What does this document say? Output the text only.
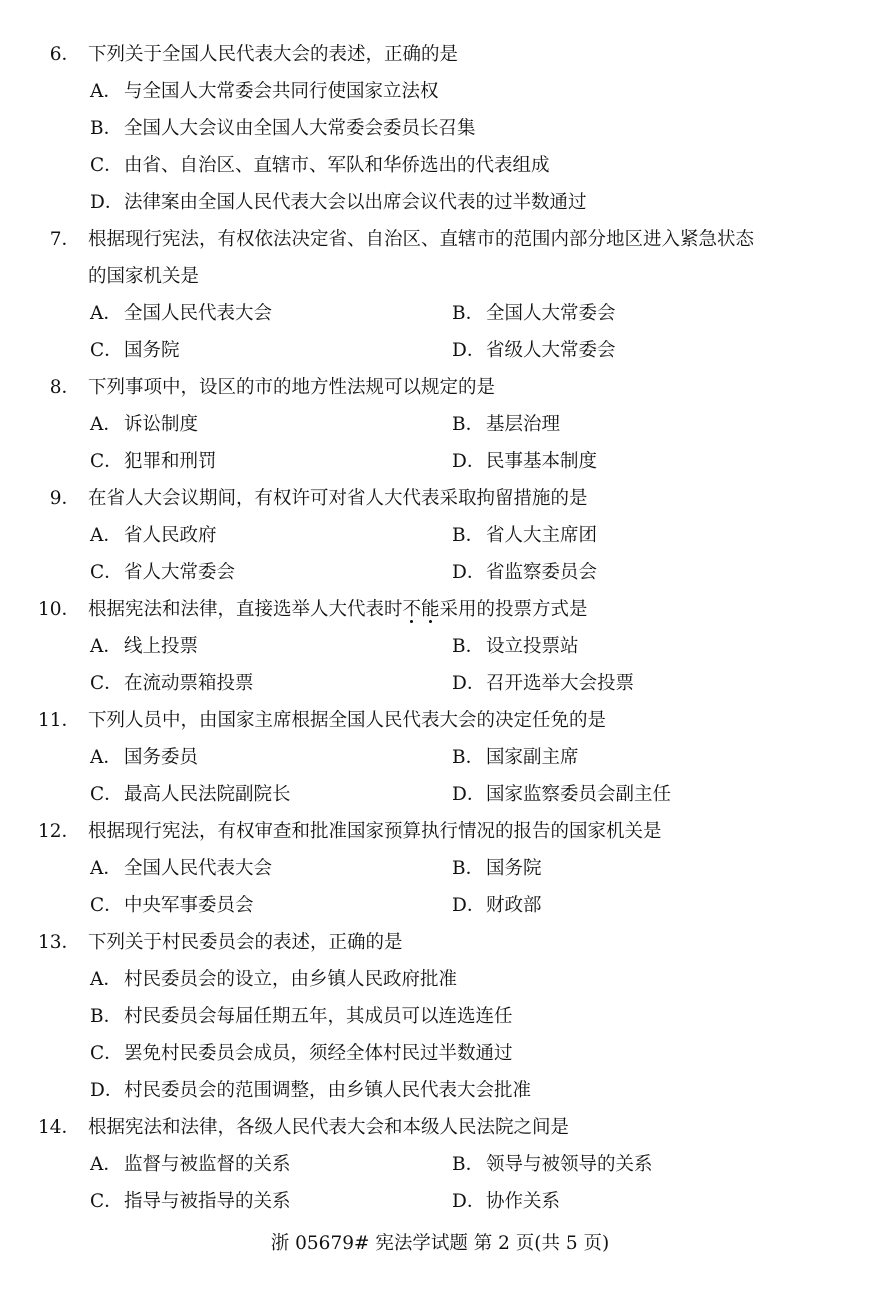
6． 下列关于全国人民代表大会的表述，正确的是
A． 与全国人大常委会共同行使国家立法权
B． 全国人大会议由全国人大常委会委员长召集
C．由省、自治区、直辖市、军队和华侨选出的代表组成
D．法律案由全国人民代表大会以出席会议代表的过半数通过
7． 根据现行宪法，有权依法决定省、自治区、直辖市的范围内部分地区进入紧急状态
的国家机关是
A． 全国人民代表大会	B． 全国人大常委会
C．国务院	D．省级人大常委会
8． 下列事项中，设区的市的地方性法规可以规定的是
A． 诉讼制度	B． 基层治理
C．犯罪和刑罚	D．民事基本制度
9． 在省人大会议期间，有权许可对省人大代表采取拘留措施的是
A． 省人民政府	B． 省人大主席团
C．省人大常委会	D．省监察委员会
10． 根据宪法和法律，直接选举人大代表时不能采用的投票方式是
A． 线上投票	B． 设立投票站
C．在流动票箱投票	D．召开选举大会投票
11． 下列人员中，由国家主席根据全国人民代表大会的决定任免的是
A． 国务委员	B． 国家副主席
C．最高人民法院副院长	D．国家监察委员会副主任
12． 根据现行宪法，有权审查和批准国家预算执行情况的报告的国家机关是
A． 全国人民代表大会	B． 国务院
C．中央军事委员会	D．财政部
13． 下列关于村民委员会的表述，正确的是
A． 村民委员会的设立，由乡镇人民政府批准
B． 村民委员会每届任期五年，其成员可以连选连任
C．罢免村民委员会成员，须经全体村民过半数通过
D．村民委员会的范围调整，由乡镇人民代表大会批准
14． 根据宪法和法律，各级人民代表大会和本级人民法院之间是
A． 监督与被监督的关系	B． 领导与被领导的关系
C．指导与被指导的关系	D．协作关系
浙 05679# 宪法学试题 第 2 页(共 5 页)
